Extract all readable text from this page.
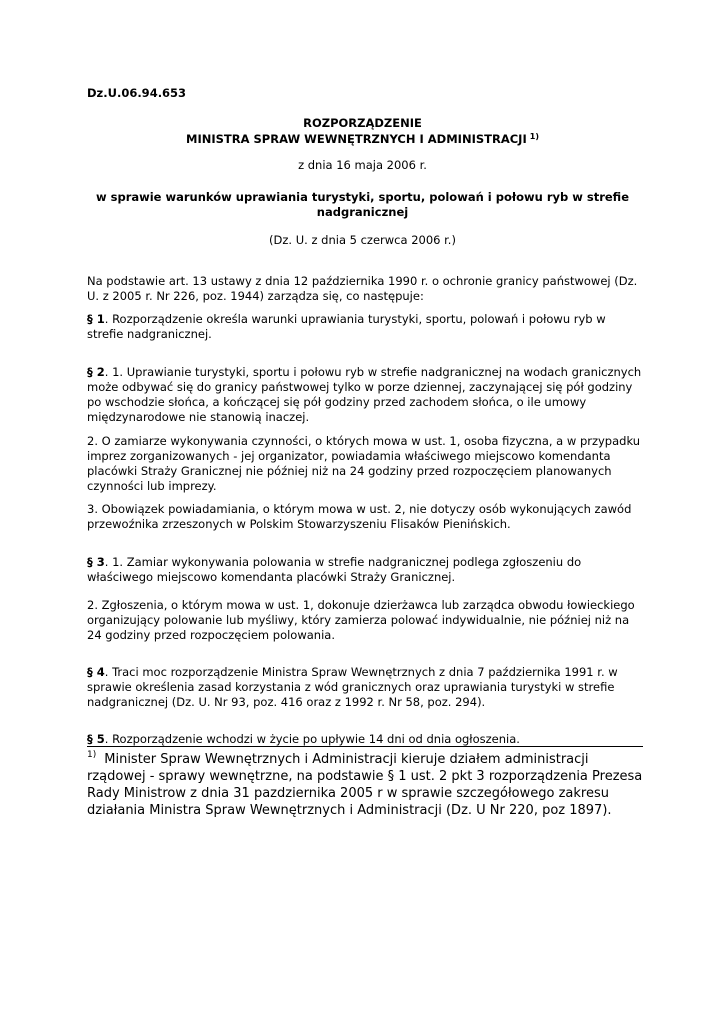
Dz.U.06.94.653
ROZPORZĄDZENIE
MINISTRA SPRAW WEWNĘTRZNYCH I ADMINISTRACJI $^{1)}$
z dnia 16 maja 2006 r.
w sprawie warunków uprawiania turystyki, sportu, polowań i połowu ryb w strefie nadgranicznej
(Dz. U. z dnia 5 czerwca 2006 r.)
Na podstawie art. 13 ustawy z dnia 12 października 1990 r. o ochronie granicy państwowej (Dz. U. z 2005 r. Nr 226, poz. 1944) zarządza się, co następuje:
§ 1. Rozporządzenie określa warunki uprawiania turystyki, sportu, polowań i połowu ryb w strefie nadgranicznej.
§ 2. 1. Uprawianie turystyki, sportu i połowu ryb w strefie nadgranicznej na wodach granicznych może odbywać się do granicy państwowej tylko w porze dziennej, zaczynającej się pół godziny po wschodzie słońca, a kończącej się pół godziny przed zachodem słońca, o ile umowy międzynarodowe nie stanowią inaczej.
2. O zamiarze wykonywania czynności, o których mowa w ust. 1, osoba fizyczna, a w przypadku imprez zorganizowanych - jej organizator, powiadamia właściwego miejscowo komendanta placówki Straży Granicznej nie później niż na 24 godziny przed rozpoczęciem planowanych czynności lub imprezy.
3. Obowiązek powiadamiania, o którym mowa w ust. 2, nie dotyczy osób wykonujących zawód przewoźnika zrzeszonych w Polskim Stowarzyszeniu Flisaków Pienińskich.
§ 3. 1. Zamiar wykonywania polowania w strefie nadgranicznej podlega zgłoszeniu do właściwego miejscowo komendanta placówki Straży Granicznej.
2. Zgłoszenia, o którym mowa w ust. 1, dokonuje dzierżawca lub zarządca obwodu łowieckiego organizujący polowanie lub myśliwy, który zamierza polować indywidualnie, nie później niż na 24 godziny przed rozpoczęciem polowania.
§ 4. Traci moc rozporządzenie Ministra Spraw Wewnętrznych z dnia 7 października 1991 r. w sprawie określenia zasad korzystania z wód granicznych oraz uprawiania turystyki w strefie nadgranicznej (Dz. U. Nr 93, poz. 416 oraz z 1992 r. Nr 58, poz. 294).
§ 5. Rozporządzenie wchodzi w życie po upływie 14 dni od dnia ogłoszenia.
$^{1)}$ Minister Spraw Wewnętrznych i Administracji kieruje działem administracji rządowej - sprawy wewnętrzne, na podstawie § 1 ust. 2 pkt 3 rozporządzenia Prezesa Rady Ministrow z dnia 31 pazdziernika 2005 r w sprawie szczegółowego zakresu działania Ministra Spraw Wewnętrznych i Administracji (Dz. U Nr 220, poz 1897).
